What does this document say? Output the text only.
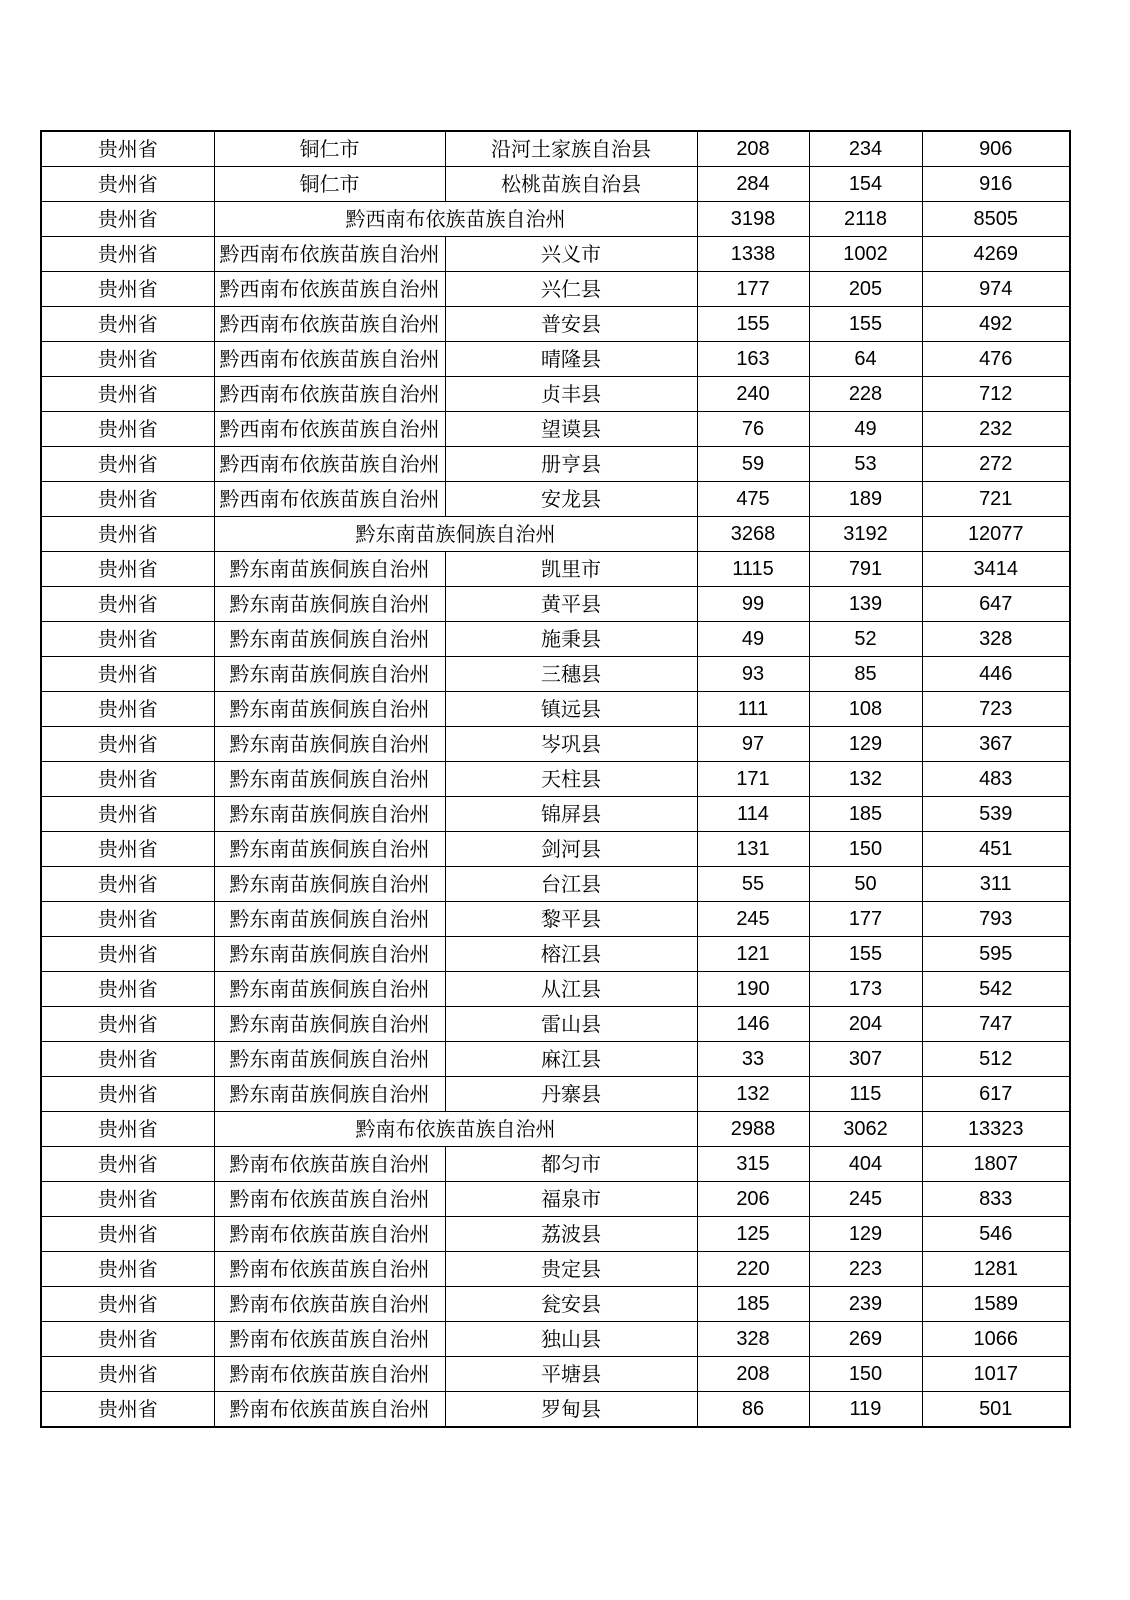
贵州省	铜仁市	沿河土家族自治县	208	234	906
贵州省	铜仁市	松桃苗族自治县	284	154	916
贵州省	黔西南布依族苗族自治州		3198	2118	8505
贵州省	黔西南布依族苗族自治州	兴义市	1338	1002	4269
贵州省	黔西南布依族苗族自治州	兴仁县	177	205	974
贵州省	黔西南布依族苗族自治州	普安县	155	155	492
贵州省	黔西南布依族苗族自治州	晴隆县	163	64	476
贵州省	黔西南布依族苗族自治州	贞丰县	240	228	712
贵州省	黔西南布依族苗族自治州	望谟县	76	49	232
贵州省	黔西南布依族苗族自治州	册亨县	59	53	272
贵州省	黔西南布依族苗族自治州	安龙县	475	189	721
贵州省	黔东南苗族侗族自治州		3268	3192	12077
贵州省	黔东南苗族侗族自治州	凯里市	1115	791	3414
贵州省	黔东南苗族侗族自治州	黄平县	99	139	647
贵州省	黔东南苗族侗族自治州	施秉县	49	52	328
贵州省	黔东南苗族侗族自治州	三穗县	93	85	446
贵州省	黔东南苗族侗族自治州	镇远县	111	108	723
贵州省	黔东南苗族侗族自治州	岑巩县	97	129	367
贵州省	黔东南苗族侗族自治州	天柱县	171	132	483
贵州省	黔东南苗族侗族自治州	锦屏县	114	185	539
贵州省	黔东南苗族侗族自治州	剑河县	131	150	451
贵州省	黔东南苗族侗族自治州	台江县	55	50	311
贵州省	黔东南苗族侗族自治州	黎平县	245	177	793
贵州省	黔东南苗族侗族自治州	榕江县	121	155	595
贵州省	黔东南苗族侗族自治州	从江县	190	173	542
贵州省	黔东南苗族侗族自治州	雷山县	146	204	747
贵州省	黔东南苗族侗族自治州	麻江县	33	307	512
贵州省	黔东南苗族侗族自治州	丹寨县	132	115	617
贵州省	黔南布依族苗族自治州		2988	3062	13323
贵州省	黔南布依族苗族自治州	都匀市	315	404	1807
贵州省	黔南布依族苗族自治州	福泉市	206	245	833
贵州省	黔南布依族苗族自治州	荔波县	125	129	546
贵州省	黔南布依族苗族自治州	贵定县	220	223	1281
贵州省	黔南布依族苗族自治州	瓮安县	185	239	1589
贵州省	黔南布依族苗族自治州	独山县	328	269	1066
贵州省	黔南布依族苗族自治州	平塘县	208	150	1017
贵州省	黔南布依族苗族自治州	罗甸县	86	119	501
